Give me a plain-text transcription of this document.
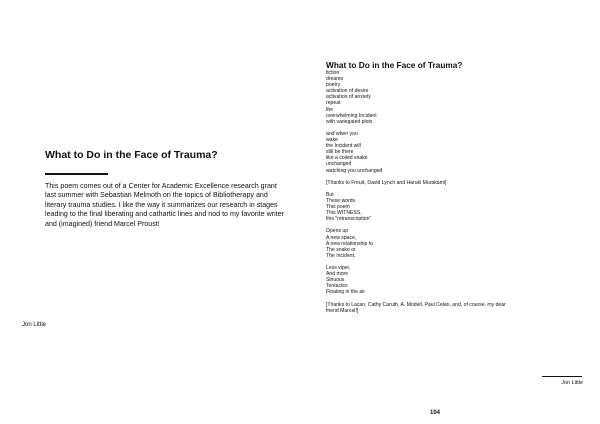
What to Do in the Face of Trauma?

This poem comes out of a Center for Academic Excellence research grant last summer with Sebastian Melmoth on the topics of Bibliotherapy and literary trauma studies. I like the way it summarizes our research in stages leading to the final liberating and cathartic lines and nod to my favorite writer and (imagined) friend Marcel Proust!

Jon Little

What to Do in the Face of Trauma?

fiction
dreams
poetry
activation of desire
activation of anxiety
repeat
the
overwhelming Incident
with variegated plots

and when you
wake
the Incident will
still be there
like a coiled snake
unchanged
watching you unchanged

[Thanks to Freud, David Lynch and Haruki Murakami]

But
These words
This poem
This WITNESS,
this "retranscription"

Opens up
A new space,
A new relationship to
The snake or
The Incident,

Less viper,
And more
Sinuous
Tentacles
Floating in the air

[Thanks to Lacan, Cathy Caruth, A. Modell, Paul Celan, and, of course, my dear friend Marcel!]

Jon Little

104
